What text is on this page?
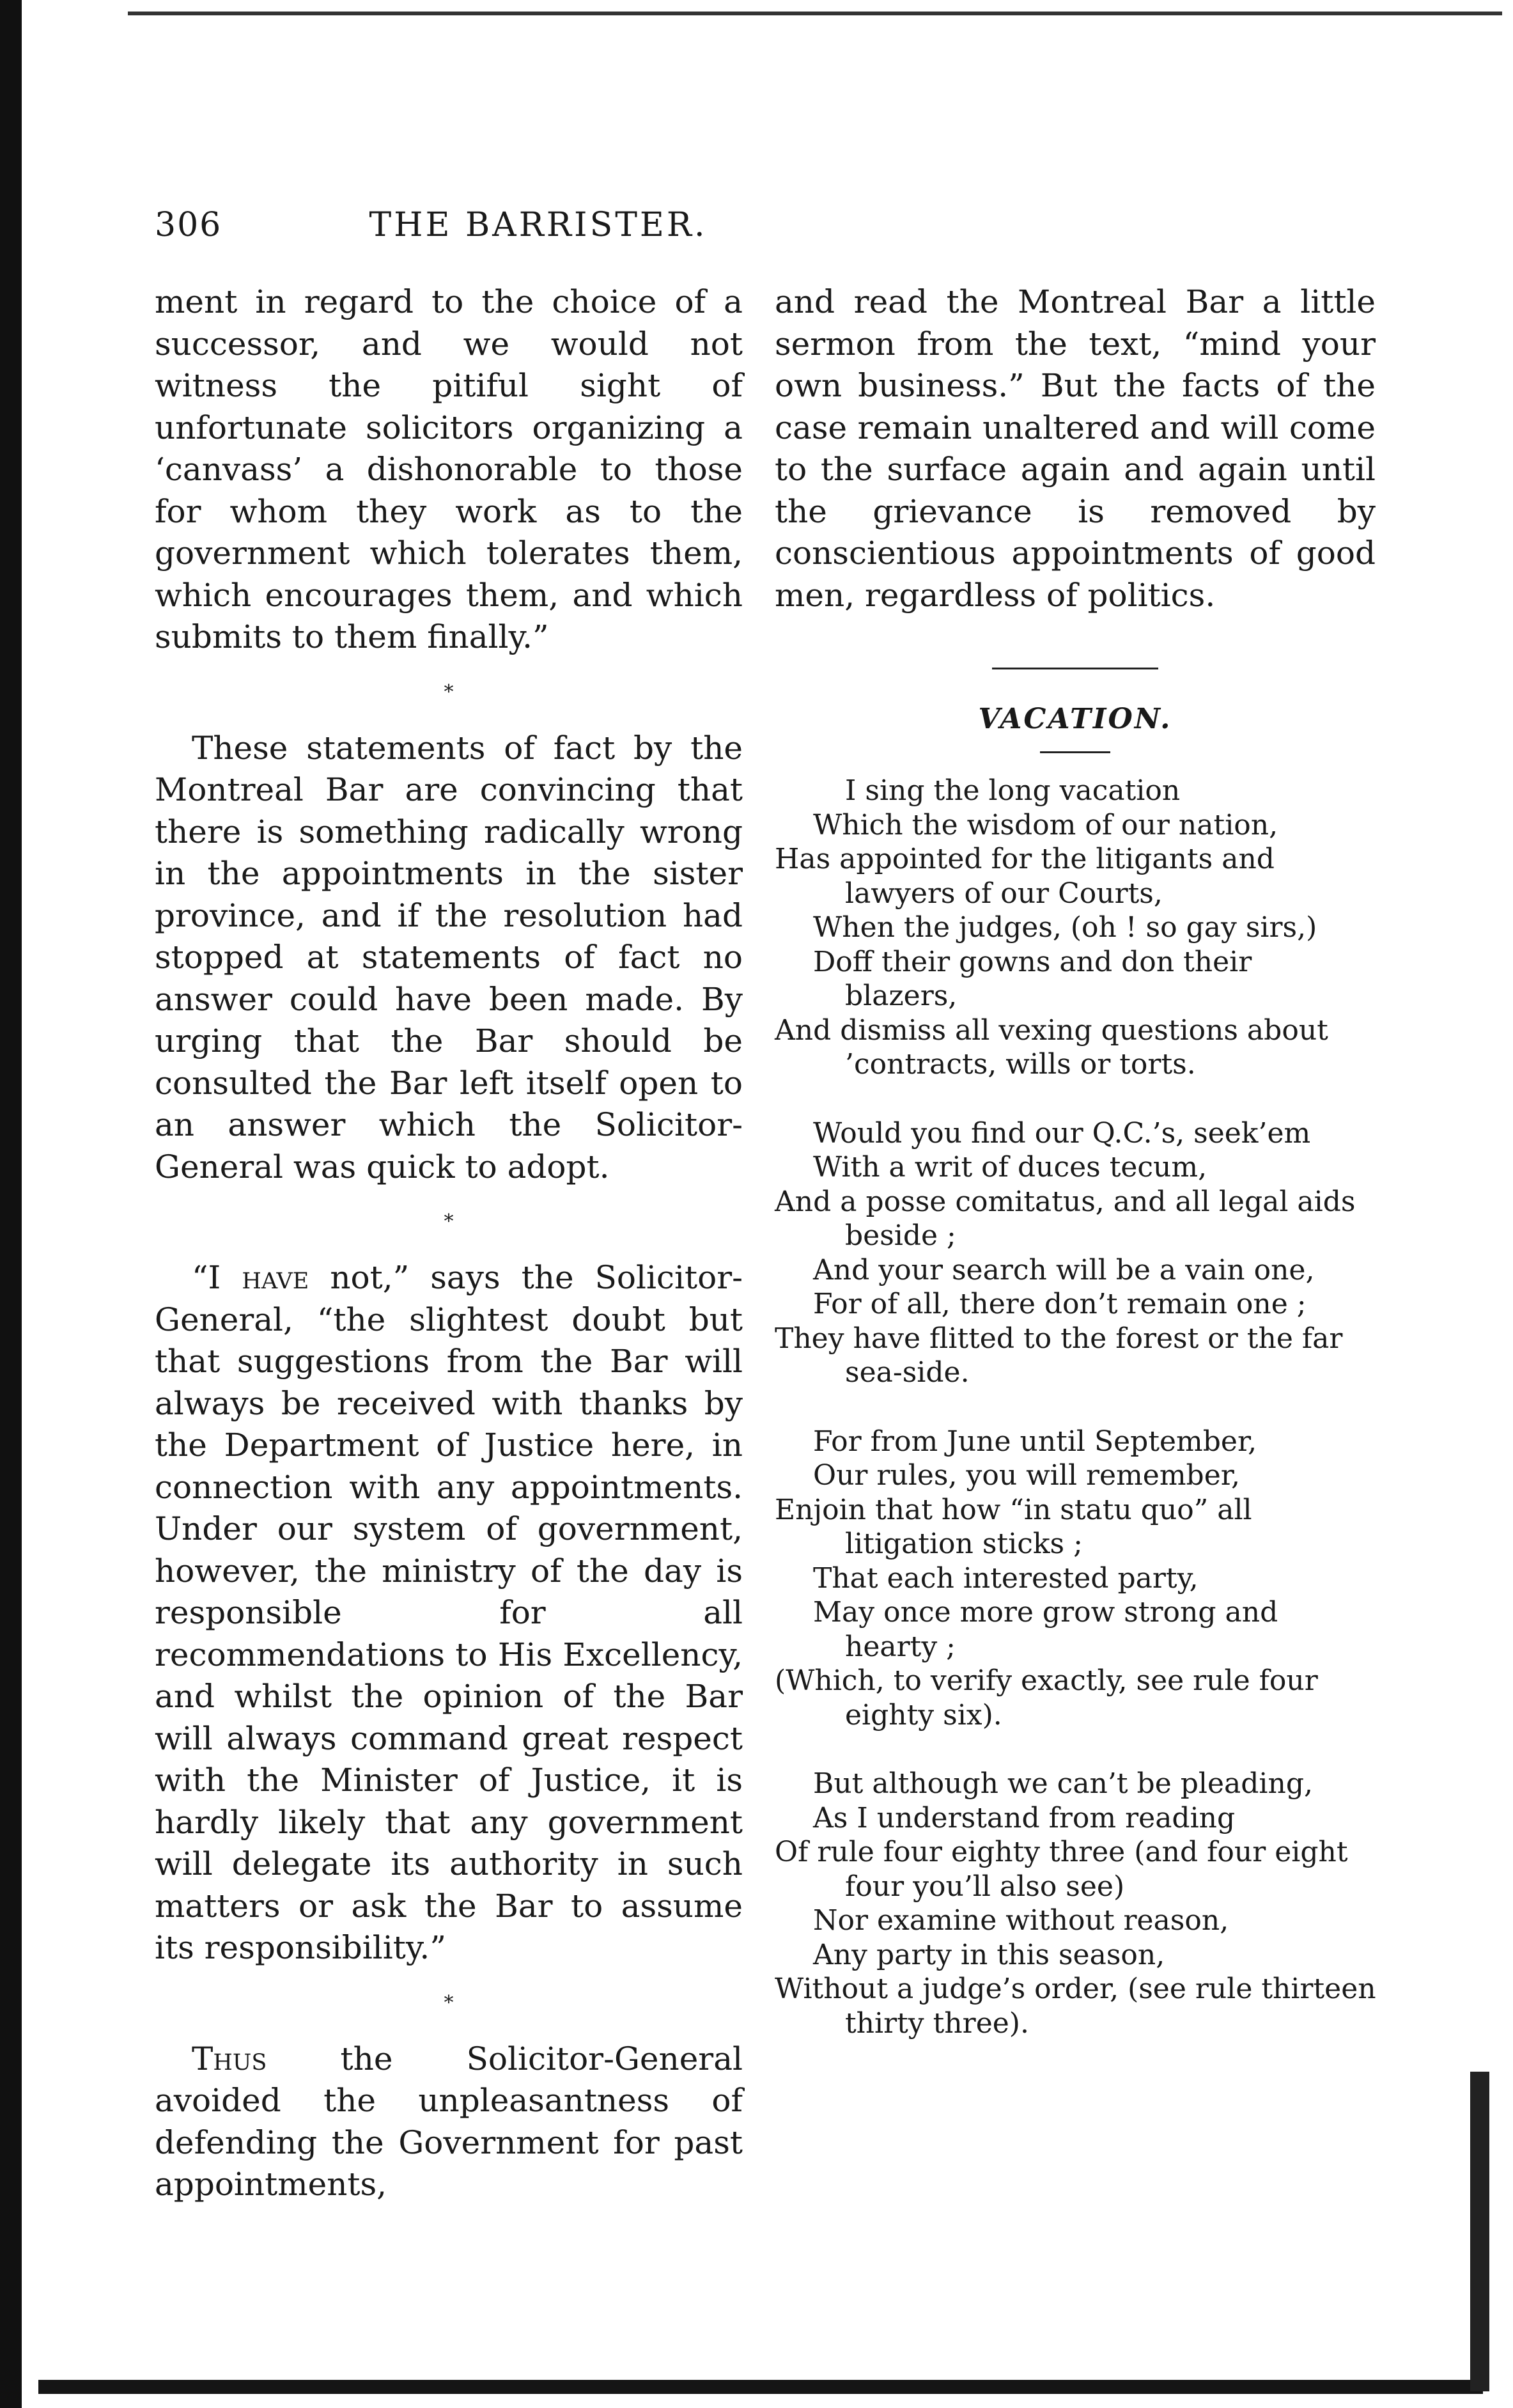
306	THE BARRISTER.

ment in regard to the choice of a successor, and we would not witness the pitiful sight of unfortunate solicitors organizing a ‘canvass’ a dishonorable to those for whom they work as to the government which tolerates them, which encourages them, and which submits to them finally.”

*

These statements of fact by the Montreal Bar are convincing that there is something radically wrong in the appointments in the sister province, and if the resolution had stopped at statements of fact no answer could have been made. By urging that the Bar should be consulted the Bar left itself open to an answer which the Solicitor-General was quick to adopt.

*

“I have not,” says the Solicitor-General, “the slightest doubt but that suggestions from the Bar will always be received with thanks by the Department of Justice here, in connection with any appointments. Under our system of government, however, the ministry of the day is responsible for all recommendations to His Excellency, and whilst the opinion of the Bar will always command great respect with the Minister of Justice, it is hardly likely that any government will delegate its authority in such matters or ask the Bar to assume its responsibility.”

*

Thus the Solicitor-General avoided the unpleasantness of defending the Government for past appointments,

and read the Montreal Bar a little sermon from the text, “mind your own business.” But the facts of the case remain unaltered and will come to the surface again and again until the grievance is removed by conscientious appointments of good men, regardless of politics.

VACATION.
I sing the long vacation
Which the wisdom of our nation,
Has appointed for the litigants and
lawyers of our Courts,
When the judges, (oh ! so gay sirs,)
Doff their gowns and don their
blazers,
And dismiss all vexing questions about
’contracts, wills or torts.
Would you find our Q.C.’s, seek’em
With a writ of duces tecum,
And a posse comitatus, and all legal aids
beside ;
And your search will be a vain one,
For of all, there don’t remain one ;
They have flitted to the forest or the far
sea-side.
For from June until September,
Our rules, you will remember,
Enjoin that how “in statu quo” all
litigation sticks ;
That each interested party,
May once more grow strong and
hearty ;
(Which, to verify exactly, see rule four
eighty six).
But although we can’t be pleading,
As I understand from reading
Of rule four eighty three (and four eight
four you’ll also see)
Nor examine without reason,
Any party in this season,
Without a judge’s order, (see rule thirteen
thirty three).
